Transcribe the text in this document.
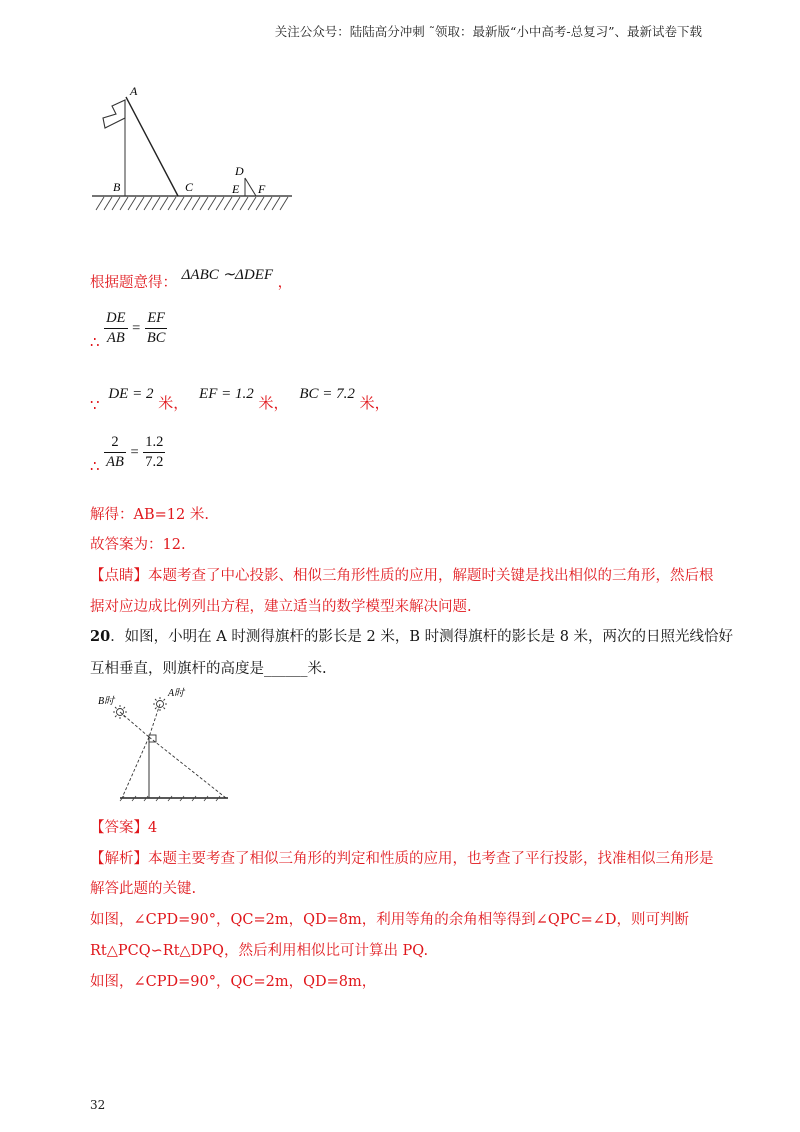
关注公众号：陆陆高分冲刺 ˜领取：最新版“小中高考-总复习”、最新试卷下载
A
B	C
D
E F
根据题意得： ΔABC ∼ΔDEF ，
∴ $\frac{DE}{AB} = \frac{EF}{BC}$
∵ DE = 2 米， EF = 1.2 米， BC = 7.2 米，
∴ $\frac{2}{AB} = \frac{1.2}{7.2}$
解得：AB=12 米.
故答案为：12.
【点睛】本题考查了中心投影、相似三角形性质的应用，解题时关键是找出相似的三角形，然后根
据对应边成比例列出方程，建立适当的数学模型来解决问题.
20．如图，小明在 A 时测得旗杆的影长是 2 米，B 时测得旗杆的影长是 8 米，两次的日照光线恰好
互相垂直，则旗杆的高度是______米.
B时
A时
【答案】4
【解析】本题主要考查了相似三角形的判定和性质的应用，也考查了平行投影，找准相似三角形是
解答此题的关键.
如图，∠CPD=90°，QC=2m，QD=8m，利用等角的余角相等得到∠QPC=∠D，则可判断
Rt△PCQ∽Rt△DPQ，然后利用相似比可计算出 PQ.
如图，∠CPD=90°，QC=2m，QD=8m，
32
